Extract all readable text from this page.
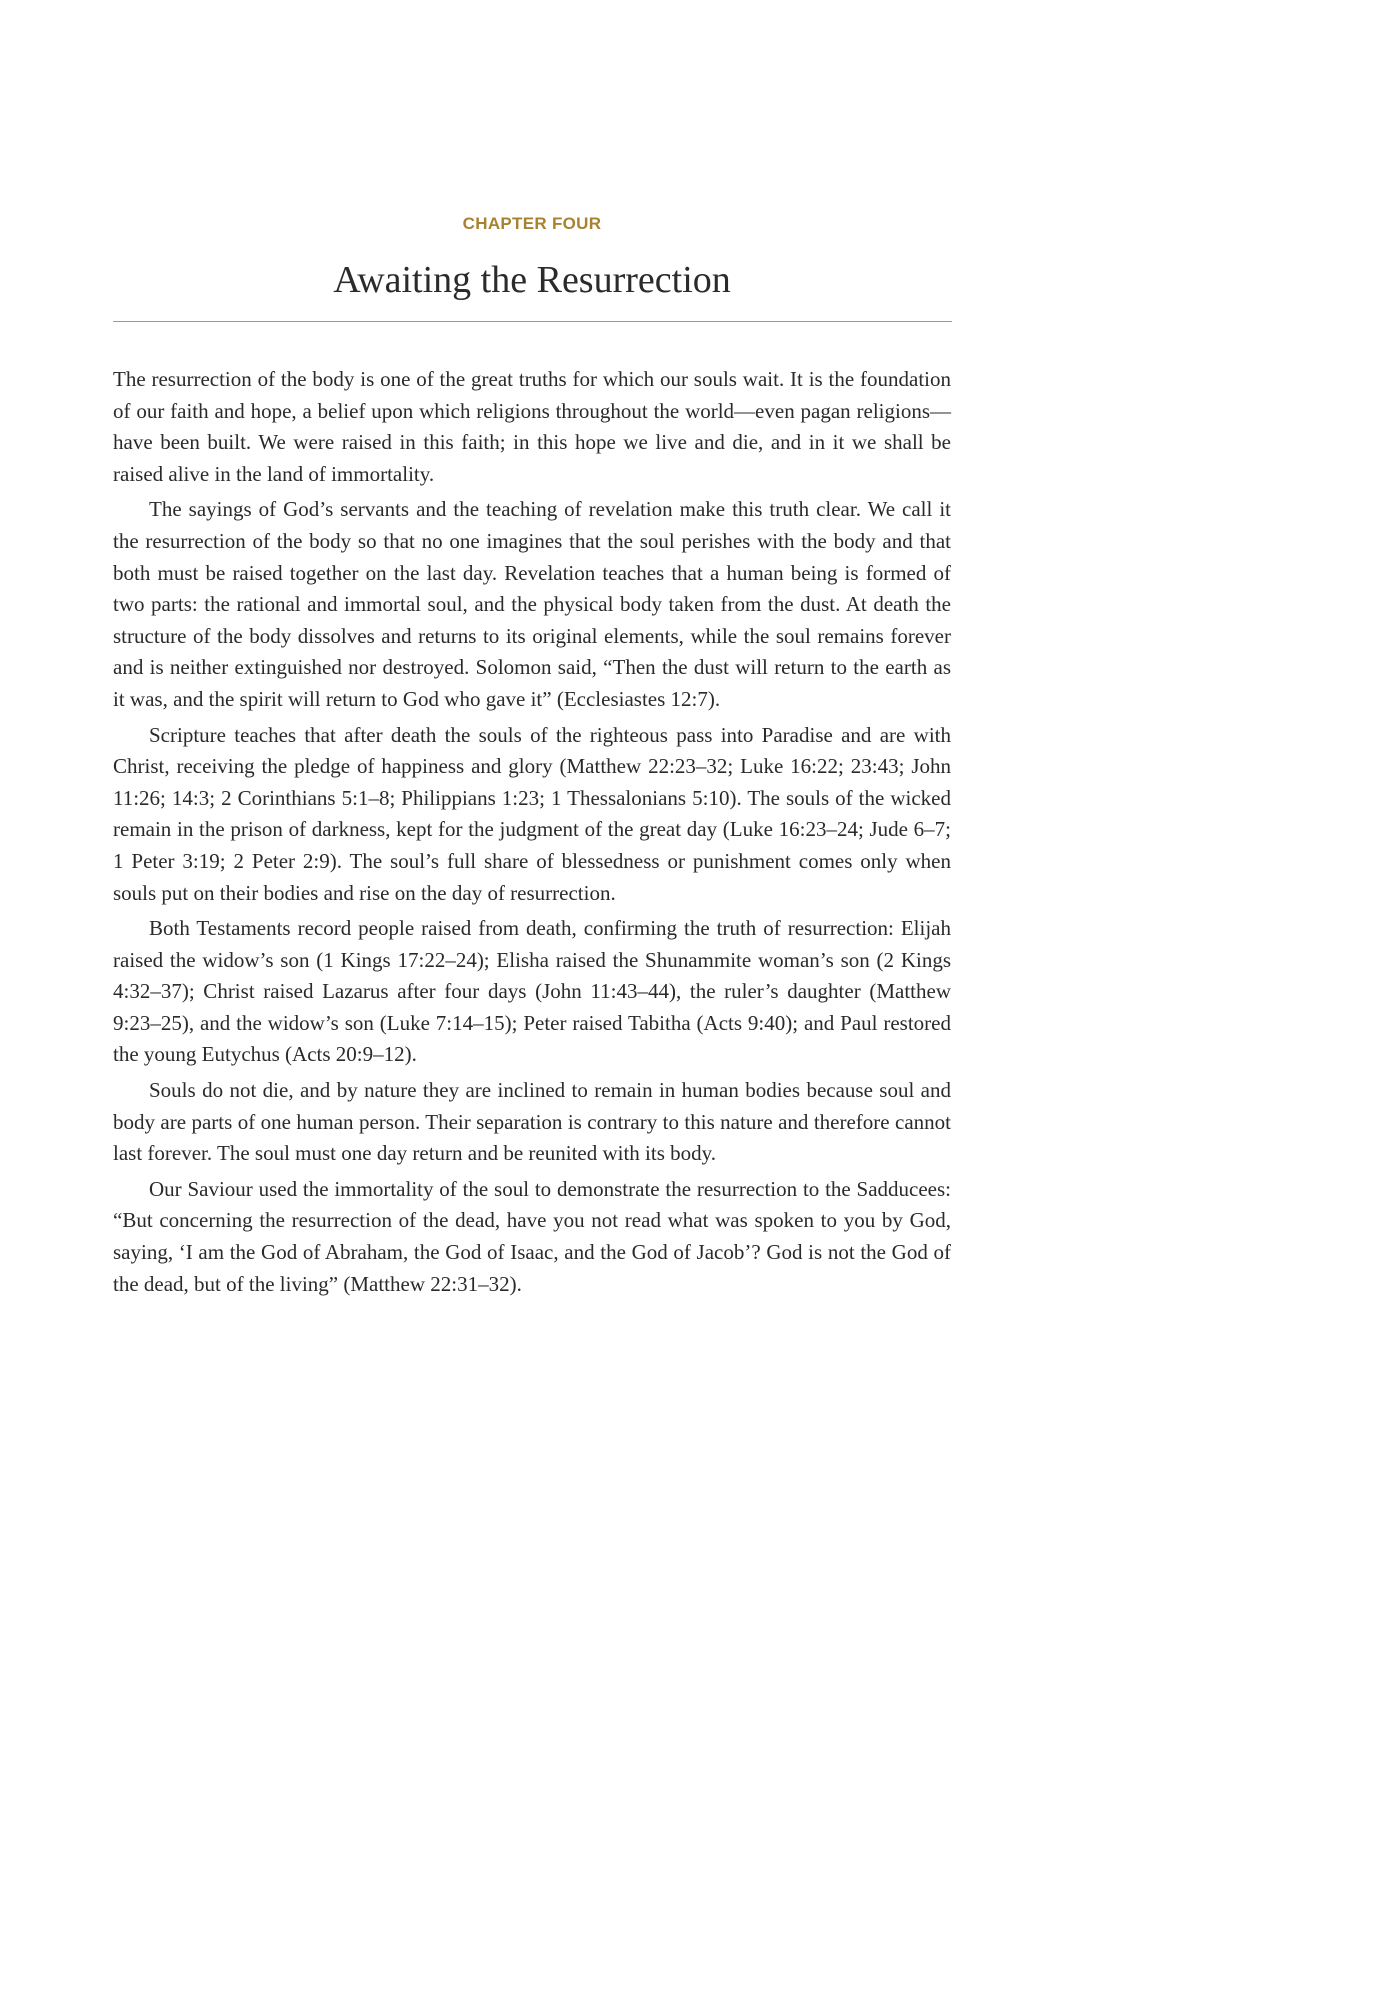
CHAPTER FOUR
Awaiting the Resurrection

The resurrection of the body is one of the great truths for which our souls wait. It is the foundation of our faith and hope, a belief upon which religions throughout the world—even pagan religions—have been built. We were raised in this faith; in this hope we live and die, and in it we shall be raised alive in the land of immortality.

The sayings of God’s servants and the teaching of revelation make this truth clear. We call it the resurrection of the body so that no one imagines that the soul perishes with the body and that both must be raised together on the last day. Revelation teaches that a human being is formed of two parts: the rational and immortal soul, and the physical body taken from the dust. At death the structure of the body dissolves and returns to its original elements, while the soul remains forever and is neither extinguished nor destroyed. Solomon said, “Then the dust will return to the earth as it was, and the spirit will return to God who gave it” (Ecclesiastes 12:7).

Scripture teaches that after death the souls of the righteous pass into Paradise and are with Christ, receiving the pledge of happiness and glory (Matthew 22:23–32; Luke 16:22; 23:43; John 11:26; 14:3; 2 Corinthians 5:1–8; Philippians 1:23; 1 Thessalonians 5:10). The souls of the wicked remain in the prison of darkness, kept for the judgment of the great day (Luke 16:23–24; Jude 6–7; 1 Peter 3:19; 2 Peter 2:9). The soul’s full share of blessedness or punishment comes only when souls put on their bodies and rise on the day of resurrection.

Both Testaments record people raised from death, confirming the truth of resurrection: Elijah raised the widow’s son (1 Kings 17:22–24); Elisha raised the Shunammite woman’s son (2 Kings 4:32–37); Christ raised Lazarus after four days (John 11:43–44), the ruler’s daughter (Matthew 9:23–25), and the widow’s son (Luke 7:14–15); Peter raised Tabitha (Acts 9:40); and Paul restored the young Eutychus (Acts 20:9–12).

Souls do not die, and by nature they are inclined to remain in human bodies because soul and body are parts of one human person. Their separation is contrary to this nature and therefore cannot last forever. The soul must one day return and be reunited with its body.

Our Saviour used the immortality of the soul to demonstrate the resurrection to the Sadducees: “But concerning the resurrection of the dead, have you not read what was spoken to you by God, saying, ‘I am the God of Abraham, the God of Isaac, and the God of Jacob’? God is not the God of the dead, but of the living” (Matthew 22:31–32).
